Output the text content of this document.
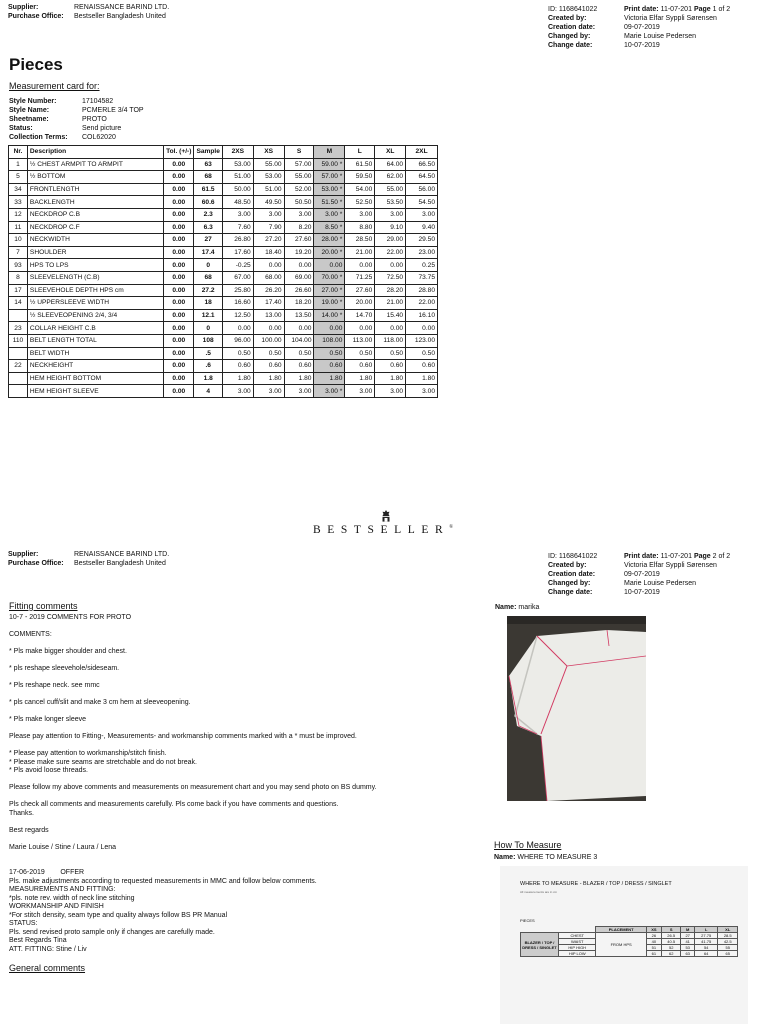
Supplier:	RENAISSANCE BARIND LTD.
Purchase Office: Bestseller Bangladesh United
ID: 1168641022	Print date: 11-07-201 Page 1 of 2
Created by:	Victoria Elfar Syppli Sørensen
Creation date:	09-07-2019
Changed by:	Marie Louise Pedersen
Change date:	10-07-2019
Pieces
Measurement card for:
Style Number:	17104582
Style Name:	PCMERLE 3/4 TOP
Sheetname:	PROTO
Status:	Send picture
Collection Terms: COL62020
Nr.	Description	Tol. (+/-)	Sample	2XS	XS	S	M	L	XL	2XL
1	½ CHEST ARMPIT TO ARMPIT	0.00	63	53.00	55.00	57.00	59.00 *	61.50	64.00	66.50
5	½ BOTTOM	0.00	68	51.00	53.00	55.00	57.00 *	59.50	62.00	64.50
34	FRONTLENGTH	0.00	61.5	50.00	51.00	52.00	53.00 *	54.00	55.00	56.00
33	BACKLENGTH	0.00	60.6	48.50	49.50	50.50	51.50 *	52.50	53.50	54.50
12	NECKDROP C.B	0.00	2.3	3.00	3.00	3.00	3.00 *	3.00	3.00	3.00
11	NECKDROP C.F	0.00	6.3	7.60	7.90	8.20	8.50 *	8.80	9.10	9.40
10	NECKWIDTH	0.00	27	26.80	27.20	27.60	28.00 *	28.50	29.00	29.50
7	SHOULDER	0.00	17.4	17.60	18.40	19.20	20.00 *	21.00	22.00	23.00
93	HPS TO LPS	0.00	0	-0.25	0.00	0.00	0.00	0.00	0.00	0.25
8	SLEEVELENGTH (C.B)	0.00	68	67.00	68.00	69.00	70.00 *	71.25	72.50	73.75
17	SLEEVEHOLE DEPTH HPS cm	0.00	27.2	25.80	26.20	26.60	27.00 *	27.60	28.20	28.80
14	½ UPPERSLEEVE WIDTH	0.00	18	16.60	17.40	18.20	19.00 *	20.00	21.00	22.00
	½ SLEEVEOPENING 2/4, 3/4	0.00	12.1	12.50	13.00	13.50	14.00 *	14.70	15.40	16.10
23	COLLAR HEIGHT C.B	0.00	0	0.00	0.00	0.00	0.00	0.00	0.00	0.00
110	BELT LENGTH TOTAL	0.00	108	96.00	100.00	104.00	108.00	113.00	118.00	123.00
	BELT WIDTH	0.00	.5	0.50	0.50	0.50	0.50	0.50	0.50	0.50
22	NECKHEIGHT	0.00	.6	0.60	0.60	0.60	0.60	0.60	0.60	0.60
	HEM HEIGHT BOTTOM	0.00	1.8	1.80	1.80	1.80	1.80	1.80	1.80	1.80
	HEM HEIGHT SLEEVE	0.00	4	3.00	3.00	3.00	3.00 *	3.00	3.00	3.00
BESTSELLER®
Supplier:	RENAISSANCE BARIND LTD.
Purchase Office: Bestseller Bangladesh United
ID: 1168641022	Print date: 11-07-201 Page 2 of 2
Created by:	Victoria Elfar Syppli Sørensen
Creation date:	09-07-2019
Changed by:	Marie Louise Pedersen
Change date:	10-07-2019
Fitting comments
10-7 - 2019 COMMENTS FOR PROTO

COMMENTS:

* Pls make bigger shoulder and chest.

* pls reshape sleevehole/sideseam.

* Pls reshape neck. see mmc

* pls cancel cuff/slit and make 3 cm hem at sleeveopening.

* Pls make longer sleeve

Please pay attention to Fitting-, Measurements- and workmanship comments marked with a * must be improved.

* Please pay attention to workmanship/stitch finish.
* Please make sure seams are stretchable and do not break.
* Pls avoid loose threads.

Please follow my above comments and measurements on measurement chart and you may send photo on BS dummy.

Pls check all comments and measurements carefully. Pls come back if you have comments and questions.
Thanks.

Best regards

Marie Louise / Stine / Laura / Lena

17-06-2019        OFFER
Pls. make adjustments according to requested measurements in MMC and follow below comments.
MEASUREMENTS AND FITTING:
*pls. note rev. width of neck line stitching
WORKMANSHIP AND FINISH
*For stitch density, seam type and quality always follow BS PR Manual
STATUS:
Pls. send revised proto sample only if changes are carefully made.
Best Regards Tina
ATT. FITTING: Stine / Liv
General comments
Name: marika
How To Measure
Name: WHERE TO MEASURE 3
WHERE TO MEASURE - BLAZER / TOP / DRESS / SINGLET
All measurements are in cm
PIECES
		PLACEMENT	XS	S	M	L	XL
BLAZER / TOP / DRESS / SINGLET	CHEST	FROM HPS	26	26.5	27	27.75	28.5
	WAIST		40	40.5	41	41.75	42.5
	HIP HIGH		51	52	53	54	55
	HIP LOW		61	62	63	64	65
